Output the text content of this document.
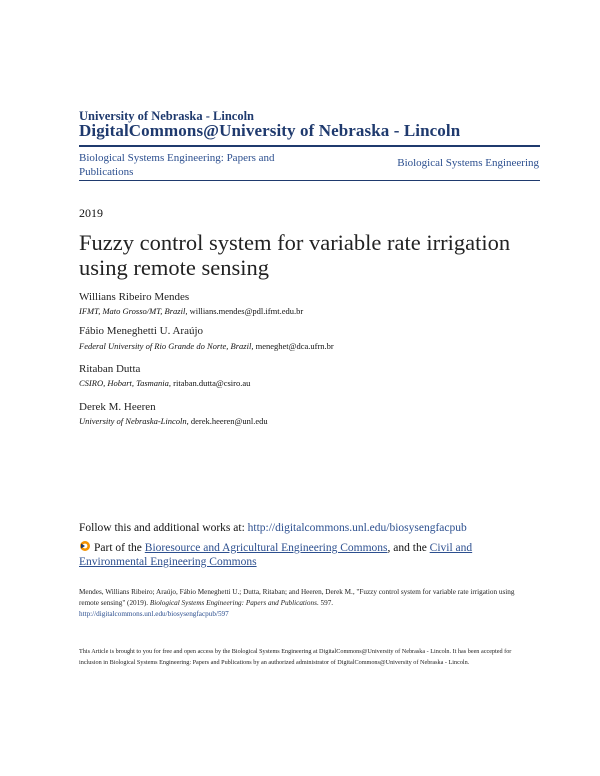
University of Nebraska - Lincoln
DigitalCommons@University of Nebraska - Lincoln
Biological Systems Engineering: Papers and Publications
Biological Systems Engineering
2019
Fuzzy control system for variable rate irrigation using remote sensing
Willians Ribeiro Mendes
IFMT, Mato Grosso/MT, Brazil, willians.mendes@pdl.ifmt.edu.br
Fábio Meneghetti U. Araújo
Federal University of Rio Grande do Norte, Brazil, meneghet@dca.ufrn.br
Ritaban Dutta
CSIRO, Hobart, Tasmania, ritaban.dutta@csiro.au
Derek M. Heeren
University of Nebraska-Lincoln, derek.heeren@unl.edu
Follow this and additional works at: http://digitalcommons.unl.edu/biosysengfacpub
Part of the Bioresource and Agricultural Engineering Commons, and the Civil and Environmental Engineering Commons
Mendes, Willians Ribeiro; Araújo, Fábio Meneghetti U.; Dutta, Ritaban; and Heeren, Derek M., "Fuzzy control system for variable rate irrigation using remote sensing" (2019). Biological Systems Engineering: Papers and Publications. 597.
http://digitalcommons.unl.edu/biosysengfacpub/597
This Article is brought to you for free and open access by the Biological Systems Engineering at DigitalCommons@University of Nebraska - Lincoln. It has been accepted for inclusion in Biological Systems Engineering: Papers and Publications by an authorized administrator of DigitalCommons@University of Nebraska - Lincoln.
